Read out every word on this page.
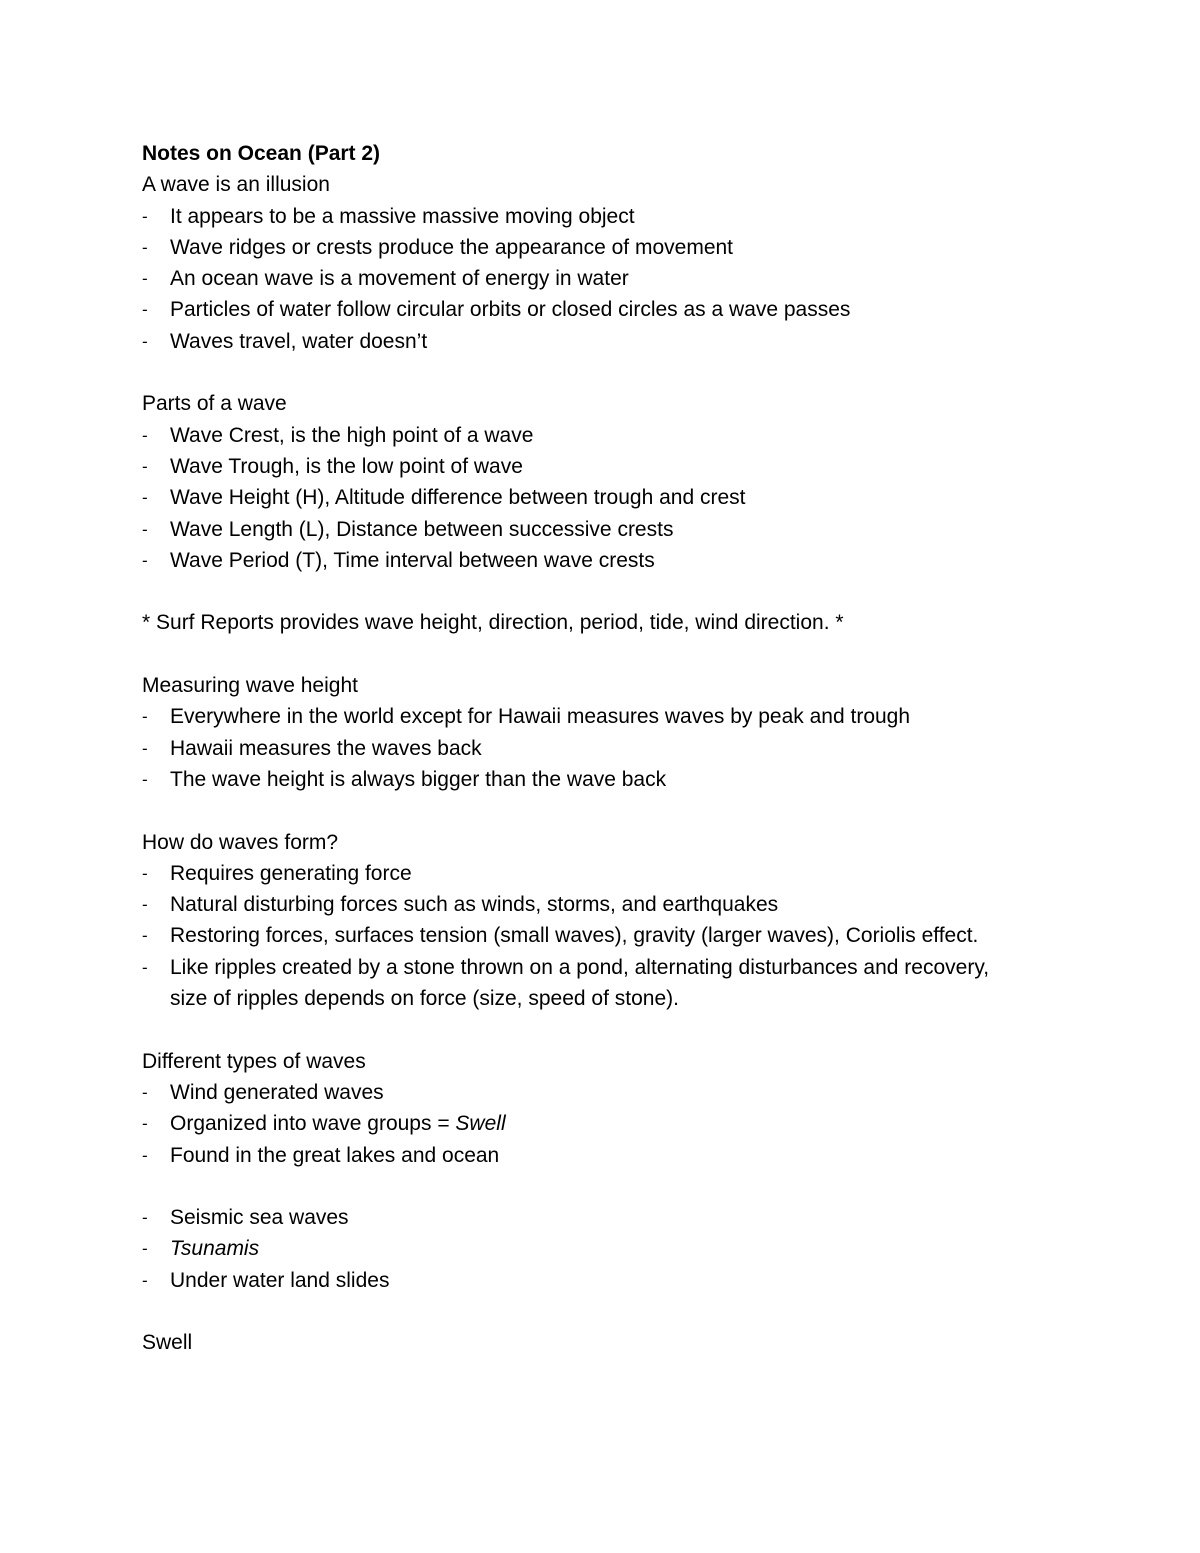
Notes on Ocean (Part 2)

A wave is an illusion

- It appears to be a massive massive moving object
- Wave ridges or crests produce the appearance of movement
- An ocean wave is a movement of energy in water
- Particles of water follow circular orbits or closed circles as a wave passes
- Waves travel, water doesn’t

Parts of a wave

- Wave Crest, is the high point of a wave
- Wave Trough, is the low point of wave
- Wave Height (H), Altitude difference between trough and crest
- Wave Length (L), Distance between successive crests
- Wave Period (T), Time interval between wave crests

* Surf Reports provides wave height, direction, period, tide, wind direction. *

Measuring wave height

- Everywhere in the world except for Hawaii measures waves by peak and trough
- Hawaii measures the waves back
- The wave height is always bigger than the wave back

How do waves form?

- Requires generating force
- Natural disturbing forces such as winds, storms, and earthquakes
- Restoring forces, surfaces tension (small waves), gravity (larger waves), Coriolis effect.
- Like ripples created by a stone thrown on a pond, alternating disturbances and recovery, size of ripples depends on force (size, speed of stone).

Different types of waves

- Wind generated waves
- Organized into wave groups = Swell
- Found in the great lakes and ocean
- Seismic sea waves
- Tsunamis
- Under water land slides

Swell
